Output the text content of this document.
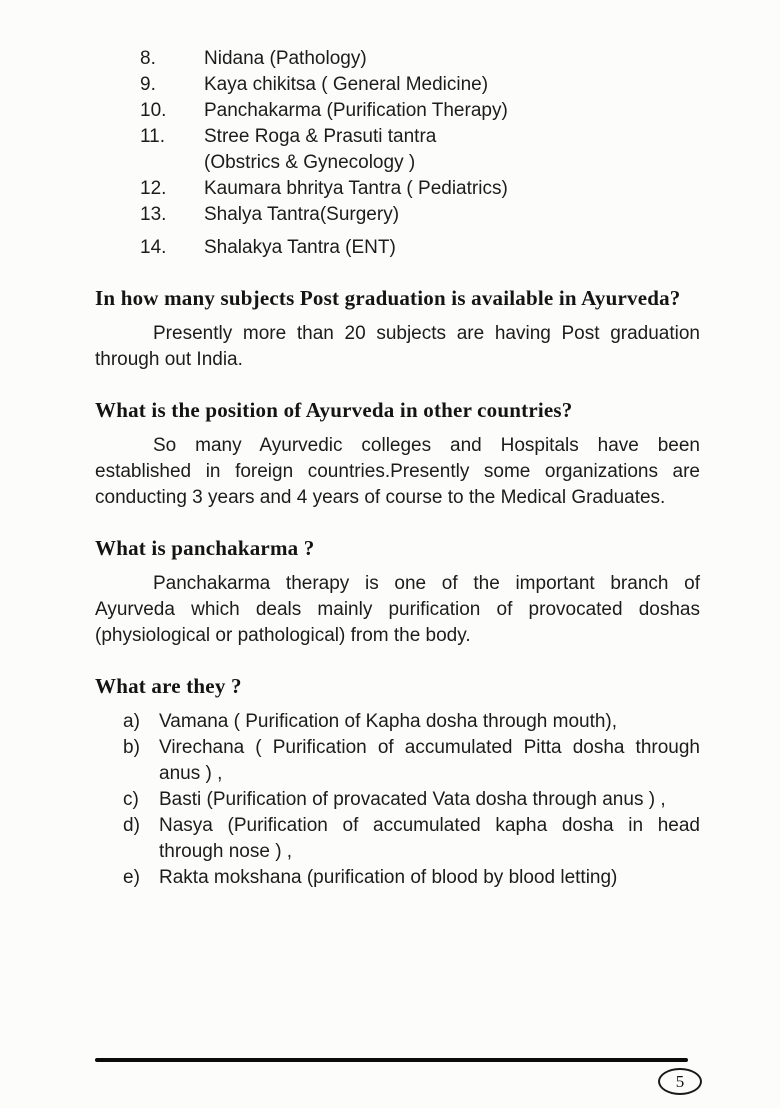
8.	Nidana (Pathology)
9.	Kaya chikitsa ( General Medicine)
10.	Panchakarma (Purification Therapy)
11.	Stree Roga & Prasuti tantra
(Obstrics & Gynecology )
12.	Kaumara bhritya Tantra ( Pediatrics)
13.	Shalya Tantra(Surgery)
14.	Shalakya Tantra (ENT)
In how many subjects Post graduation is available in Ayurveda?

Presently more than 20 subjects are having Post graduation through out India.

What is the position of Ayurveda in other countries?

So many Ayurvedic colleges and Hospitals have been established in foreign countries.Presently some organizations are conducting 3 years and 4 years of course to the Medical Graduates.

What is panchakarma ?

Panchakarma therapy is one of the important branch of Ayurveda which deals mainly purification of provocated doshas (physiological or pathological) from the body.

What are they ?
a)	Vamana ( Purification of Kapha dosha through mouth),
b)	Virechana ( Purification of accumulated Pitta dosha through anus ) ,
c)	Basti (Purification of provacated Vata dosha through anus ) ,
d)	Nasya (Purification of accumulated kapha dosha in head through nose ) ,
e)	Rakta mokshana (purification of blood by blood letting)
5
